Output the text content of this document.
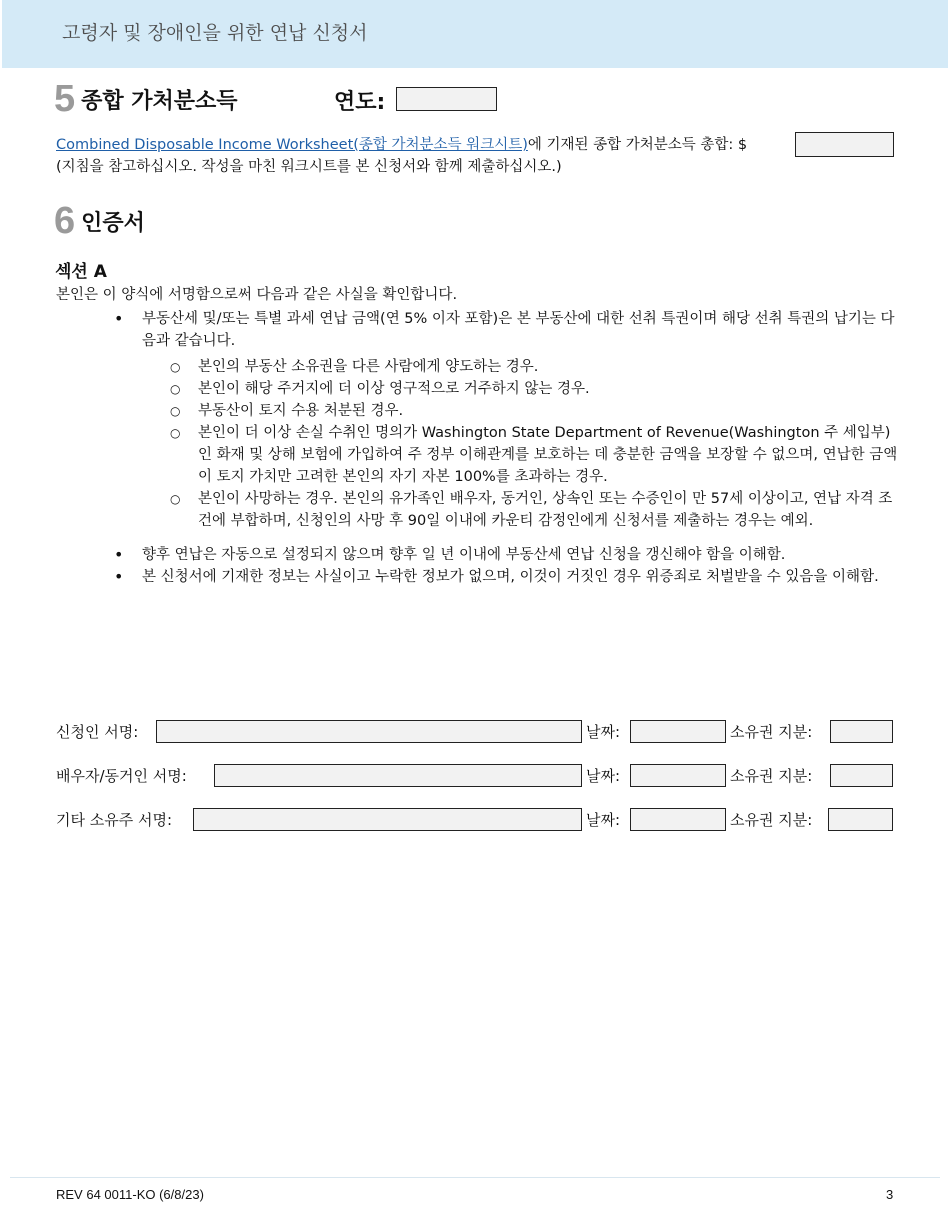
고령자 및 장애인을 위한 연납 신청서
5 종합 가처분소득	연도:
Combined Disposable Income Worksheet(종합 가처분소득 워크시트)에 기재된 종합 가처분소득 총합: $
(지침을 참고하십시오. 작성을 마친 워크시트를 본 신청서와 함께 제출하십시오.)
6 인증서
섹션 A
본인은 이 양식에 서명함으로써 다음과 같은 사실을 확인합니다.
• 부동산세 및/또는 특별 과세 연납 금액(연 5% 이자 포함)은 본 부동산에 대한 선취 특권이며 해당 선취 특권의 납기는 다음과 같습니다.
○ 본인의 부동산 소유권을 다른 사람에게 양도하는 경우.
○ 본인이 해당 주거지에 더 이상 영구적으로 거주하지 않는 경우.
○ 부동산이 토지 수용 처분된 경우.
○ 본인이 더 이상 손실 수취인 명의가 Washington State Department of Revenue(Washington 주 세입부)인 화재 및 상해 보험에 가입하여 주 정부 이해관계를 보호하는 데 충분한 금액을 보장할 수 없으며, 연납한 금액이 토지 가치만 고려한 본인의 자기 자본 100%를 초과하는 경우.
○ 본인이 사망하는 경우. 본인의 유가족인 배우자, 동거인, 상속인 또는 수증인이 만 57세 이상이고, 연납 자격 조건에 부합하며, 신청인의 사망 후 90일 이내에 카운티 감정인에게 신청서를 제출하는 경우는 예외.
• 향후 연납은 자동으로 설정되지 않으며 향후 일 년 이내에 부동산세 연납 신청을 갱신해야 함을 이해함.
• 본 신청서에 기재한 정보는 사실이고 누락한 정보가 없으며, 이것이 거짓인 경우 위증죄로 처벌받을 수 있음을 이해함.
신청인 서명:	날짜:	소유권 지분:
배우자/동거인 서명:	날짜:	소유권 지분:
기타 소유주 서명:	날짜:	소유권 지분:
REV 64 0011-KO (6/8/23)	3
